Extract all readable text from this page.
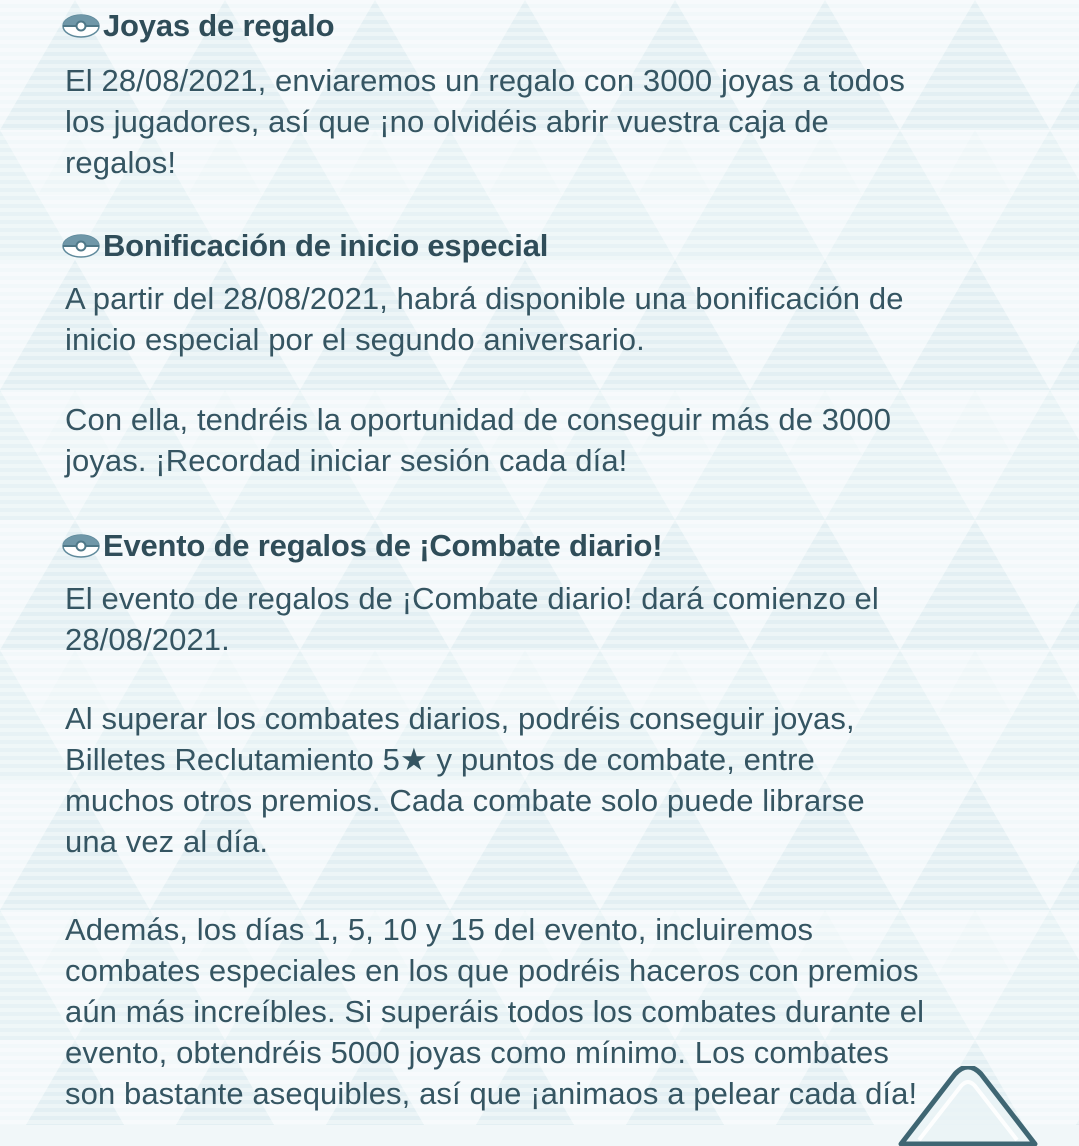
Joyas de regalo
El 28/08/2021, enviaremos un regalo con 3000 joyas a todos
los jugadores, así que ¡no olvidéis abrir vuestra caja de
regalos!
Bonificación de inicio especial
A partir del 28/08/2021, habrá disponible una bonificación de
inicio especial por el segundo aniversario.
Con ella, tendréis la oportunidad de conseguir más de 3000
joyas. ¡Recordad iniciar sesión cada día!
Evento de regalos de ¡Combate diario!
El evento de regalos de ¡Combate diario! dará comienzo el
28/08/2021.
Al superar los combates diarios, podréis conseguir joyas,
Billetes Reclutamiento 5★ y puntos de combate, entre
muchos otros premios. Cada combate solo puede librarse
una vez al día.
Además, los días 1, 5, 10 y 15 del evento, incluiremos
combates especiales en los que podréis haceros con premios
aún más increíbles. Si superáis todos los combates durante el
evento, obtendréis 5000 joyas como mínimo. Los combates
son bastante asequibles, así que ¡animaos a pelear cada día!
